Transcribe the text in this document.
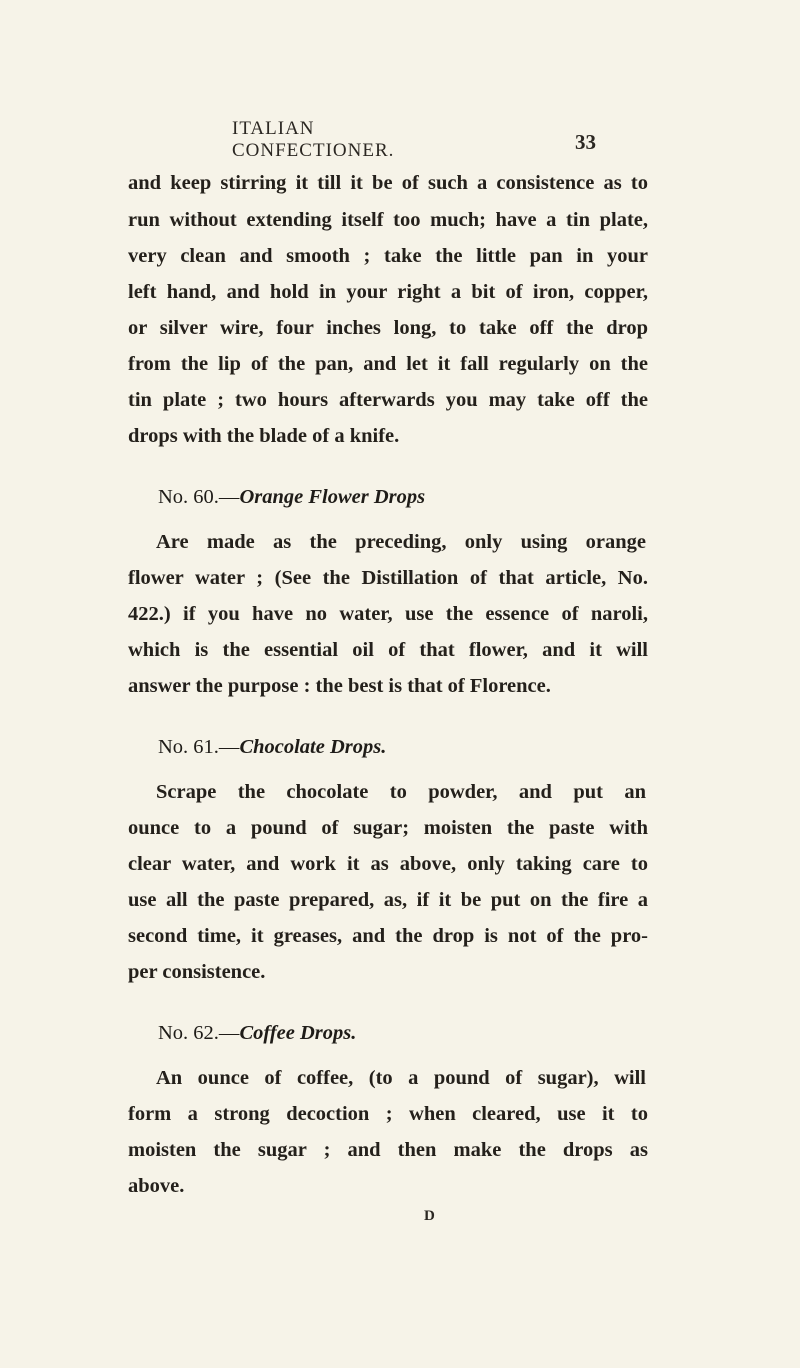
ITALIAN CONFECTIONER.	33
and keep stirring it till it be of such a consistence as to
run without extending itself too much; have a tin plate,
very clean and smooth ; take the little pan in your
left hand, and hold in your right a bit of iron, copper,
or silver wire, four inches long, to take off the drop
from the lip of the pan, and let it fall regularly on the
tin plate ; two hours afterwards you may take off the
drops with the blade of a knife.
No. 60.—Orange Flower Drops
Are made as the preceding, only using orange
flower water ; (See the Distillation of that article, No.
422.) if you have no water, use the essence of naroli,
which is the essential oil of that flower, and it will
answer the purpose : the best is that of Florence.
No. 61.—Chocolate Drops.
Scrape the chocolate to powder, and put an
ounce to a pound of sugar; moisten the paste with
clear water, and work it as above, only taking care to
use all the paste prepared, as, if it be put on the fire a
second time, it greases, and the drop is not of the pro-
per consistence.
No. 62.—Coffee Drops.
An ounce of coffee, (to a pound of sugar), will
form a strong decoction ; when cleared, use it to
moisten the sugar ; and then make the drops as
above.
D
